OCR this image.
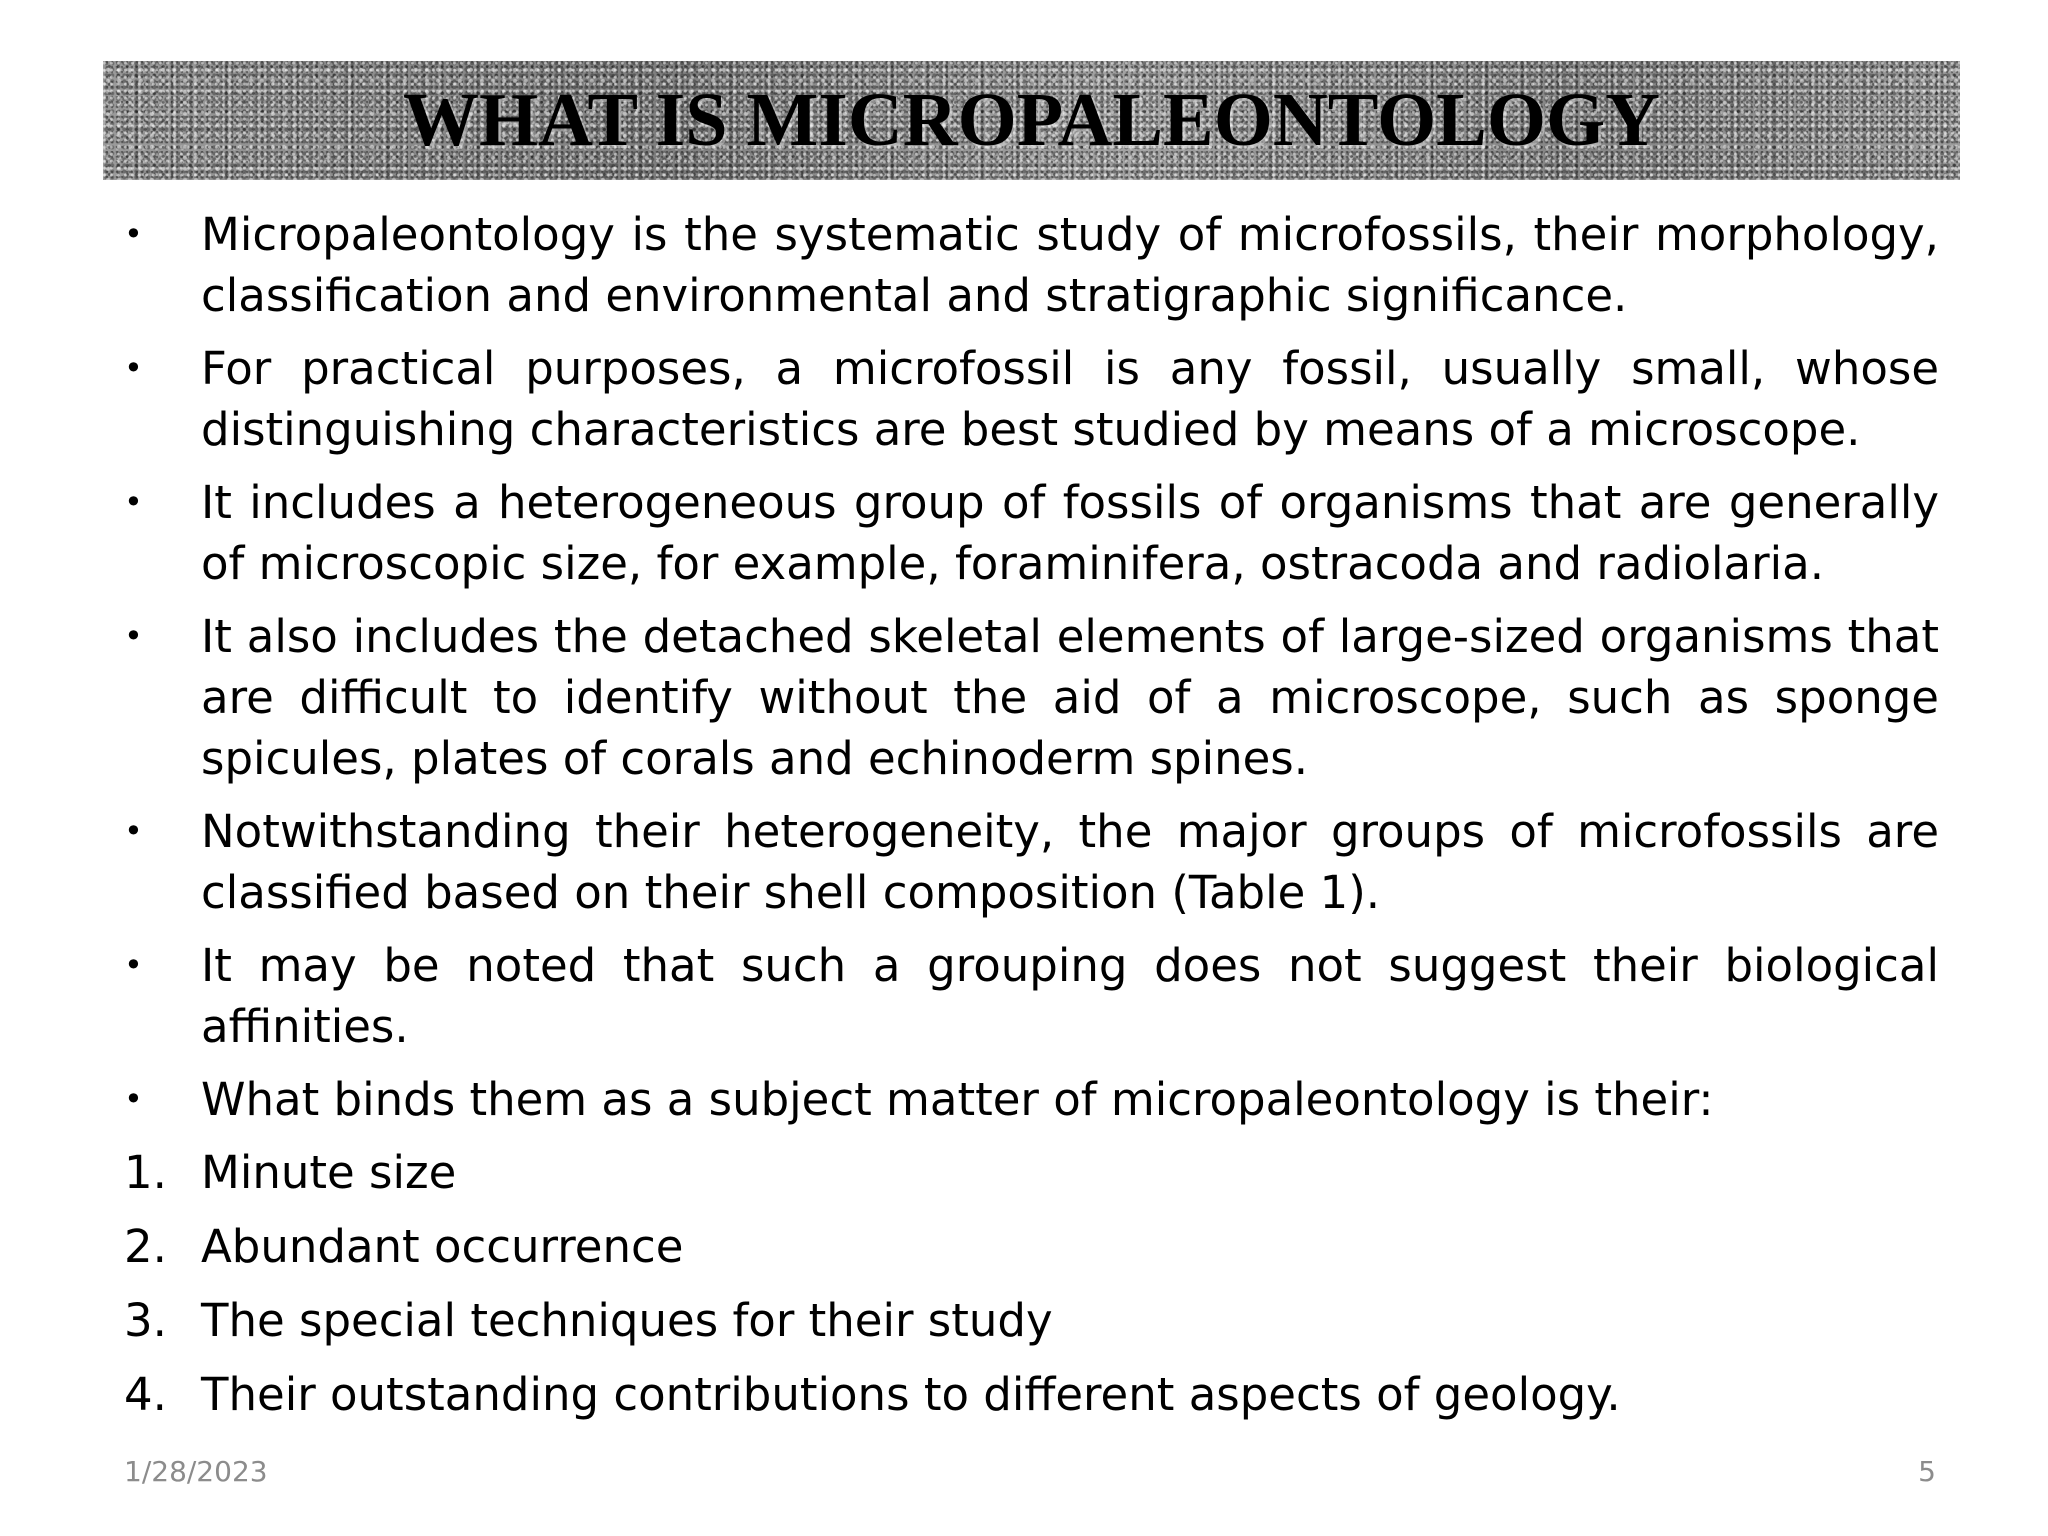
WHAT IS MICROPALEONTOLOGY

•	Micropaleontology is the systematic study of microfossils, their morphology, classification and environmental and stratigraphic significance.

•	For practical purposes, a microfossil is any fossil, usually small, whose distinguishing characteristics are best studied by means of a microscope.

•	It includes a heterogeneous group of fossils of organisms that are generally of microscopic size, for example, foraminifera, ostracoda and radiolaria.

•	It also includes the detached skeletal elements of large-sized organisms that are difficult to identify without the aid of a microscope, such as sponge spicules, plates of corals and echinoderm spines.

•	Notwithstanding their heterogeneity, the major groups of microfossils are classified based on their shell composition (Table 1).

•	It may be noted that such a grouping does not suggest their biological affinities.

•	What binds them as a subject matter of micropaleontology is their:

1. Minute size

2. Abundant occurrence

3. The special techniques for their study

4. Their outstanding contributions to different aspects of geology.

1/28/2023	5
